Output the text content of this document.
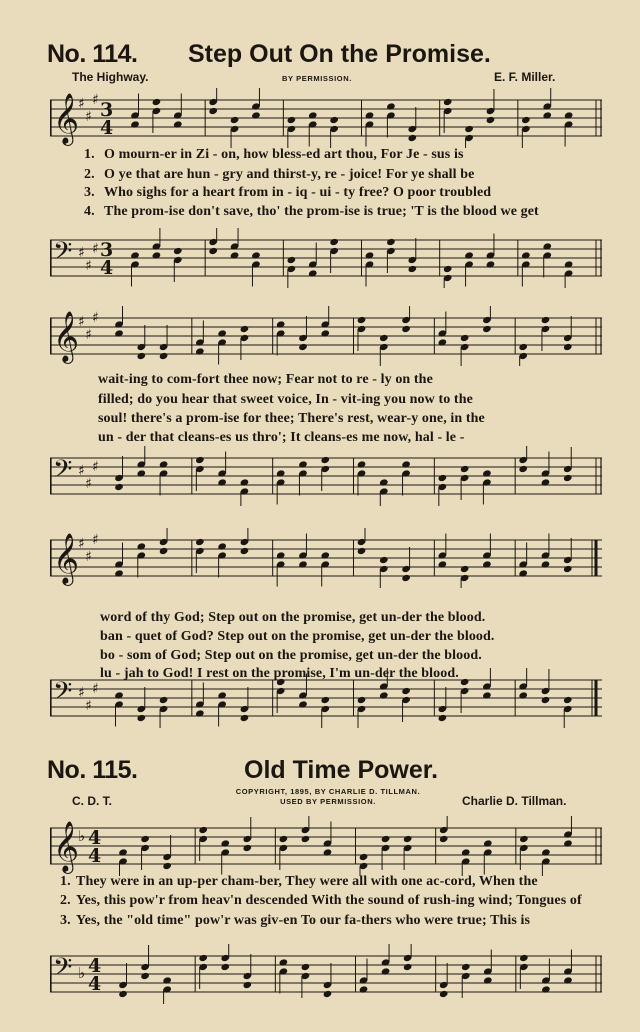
No. 114. Step Out On the Promise.
The Highway.	BY PERMISSION.	E. F. Miller.
𝄞
♯
♯
♯ 3
4
𝄢 ♯
♯
♯ 3
4
𝄞
♯
♯
♯
𝄢 ♯
♯
♯
𝄞
♯
♯
♯
𝄢 ♯
♯
♯
No. 115.	Old Time Power.
COPYRIGHT, 1895, BY CHARLIE D. TILLMAN.
USED BY PERMISSION.
C. D. T.	Charlie D. Tillman.
𝄞
♭ 4
4
𝄢 ♭ 4
4
1. O mourn-er in Zi - on, how bless-ed art thou, For Je - sus is
2. O ye that are hun - gry and thirst-y, re - joice! For ye shall be
3. Who sighs for a heart from in - iq - ui - ty free? O poor troubled
4. The prom-ise don't save, tho' the prom-ise is true; 'T is the blood we get
wait-ing to com-fort thee now; Fear not to re - ly on the
filled; do you hear that sweet voice, In - vit-ing you now to the
soul! there's a prom-ise for thee; There's rest, wear-y one, in the
un - der that cleans-es us thro'; It cleans-es me now, hal - le -
word of thy God; Step out on the promise, get un-der the blood.
ban - quet of God? Step out on the promise, get un-der the blood.
bo - som of God; Step out on the promise, get un-der the blood.
lu - jah to God! I rest on the promise, I'm un-der the blood.
1. They were in an up-per cham-ber, They were all with one ac-cord, When the
2. Yes, this pow'r from heav'n descended With the sound of rush-ing wind; Tongues of
3. Yes, the "old time" pow'r was giv-en To our fa-thers who were true; This is
